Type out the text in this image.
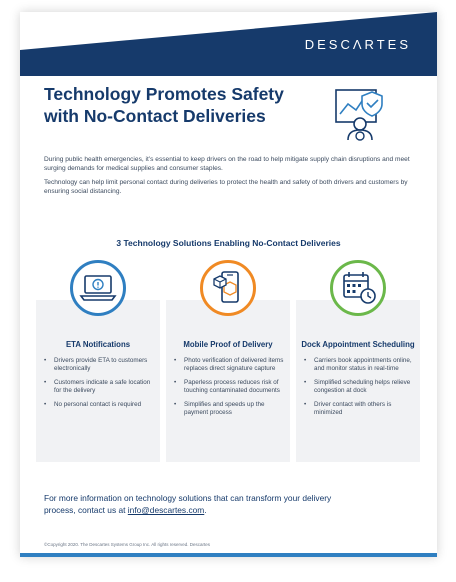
DESCΛRTES
Technology Promotes Safety
with No-Contact Deliveries

During public health emergencies, it’s essential to keep drivers on the road to help mitigate supply chain disruptions and meet surging demands for medical supplies and consumer staples.

Technology can help limit personal contact during deliveries to protect the health and safety of both drivers and customers by ensuring social distancing.

3 Technology Solutions Enabling No-Contact Deliveries
ETA Notifications
• Drivers provide ETA to customers electronically
• Customers indicate a safe location for the delivery
• No personal contact is required
Mobile Proof of Delivery
• Photo verification of delivered items replaces direct signature capture
• Paperless process reduces risk of touching contaminated documents
• Simplifies and speeds up the payment process
Dock Appointment Scheduling
• Carriers book appointments online, and monitor status in real-time
• Simplified scheduling helps relieve congestion at dock
• Driver contact with others is minimized
For more information on technology solutions that can transform your delivery
process, contact us at info@descartes.com.
©Copyright 2020. The Descartes Systems Group Inc. All rights reserved. Descartes
